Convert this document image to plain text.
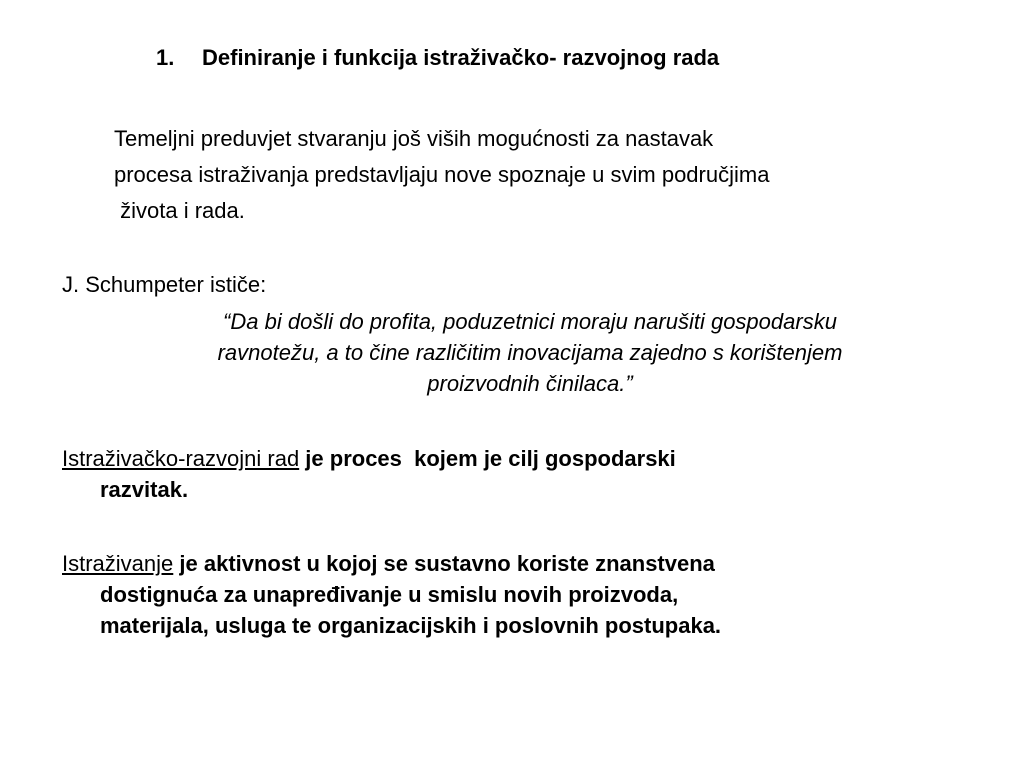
1. Definiranje i funkcija istraživačko- razvojnog rada
Temeljni preduvjet stvaranju još viših mogućnosti za nastavak
procesa istraživanja predstavljaju nove spoznaje u svim područjima
života i rada.
J. Schumpeter ističe:
“Da bi došli do profita, poduzetnici moraju narušiti gospodarsku
ravnotežu, a to čine različitim inovacijama zajedno s korištenjem
proizvodnih činilaca.”
Istraživačko-razvojni rad je proces  kojem je cilj gospodarski
razvitak.
Istraživanje je aktivnost u kojoj se sustavno koriste znanstvena
dostignuća za unapređivanje u smislu novih proizvoda,
materijala, usluga te organizacijskih i poslovnih postupaka.
